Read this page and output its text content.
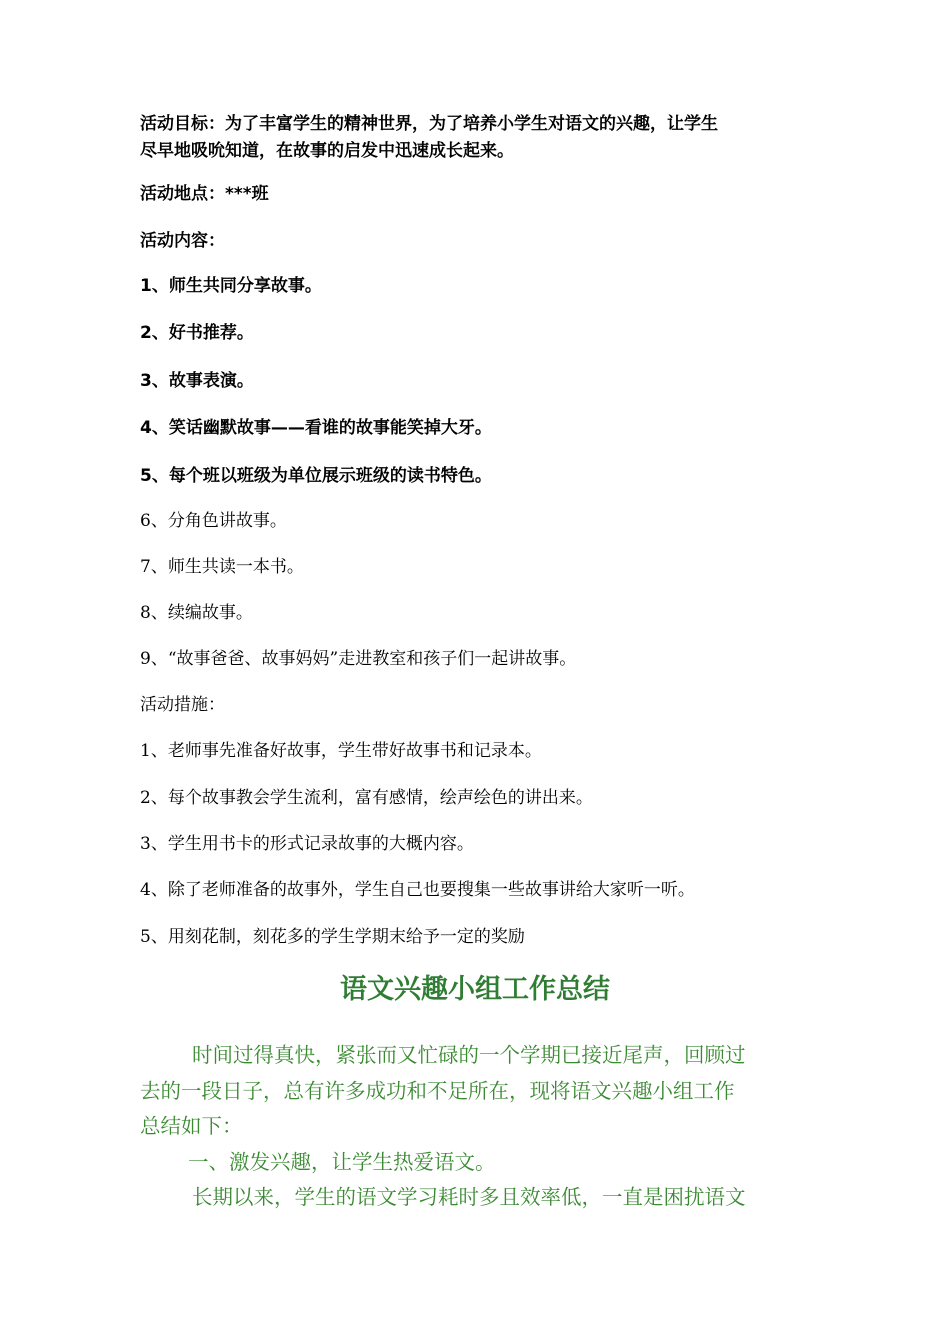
活动目标：为了丰富学生的精神世界，为了培养小学生对语文的兴趣，让学生
尽早地吸吮知道，在故事的启发中迅速成长起来。
活动地点：***班
活动内容：
1、师生共同分享故事。
2、好书推荐。
3、故事表演。
4、笑话幽默故事——看谁的故事能笑掉大牙。
5、每个班以班级为单位展示班级的读书特色。
6、分角色讲故事。
7、师生共读一本书。
8、续编故事。
9、“故事爸爸、故事妈妈”走进教室和孩子们一起讲故事。
活动措施：
1、老师事先准备好故事，学生带好故事书和记录本。
2、每个故事教会学生流利，富有感情，绘声绘色的讲出来。
3、学生用书卡的形式记录故事的大概内容。
4、除了老师准备的故事外，学生自己也要搜集一些故事讲给大家听一听。
5、用刻花制，刻花多的学生学期末给予一定的奖励
语文兴趣小组工作总结
时间过得真快，紧张而又忙碌的一个学期已接近尾声，回顾过
去的一段日子，总有许多成功和不足所在，现将语文兴趣小组工作
总结如下：
一、激发兴趣，让学生热爱语文。
长期以来，学生的语文学习耗时多且效率低，一直是困扰语文
